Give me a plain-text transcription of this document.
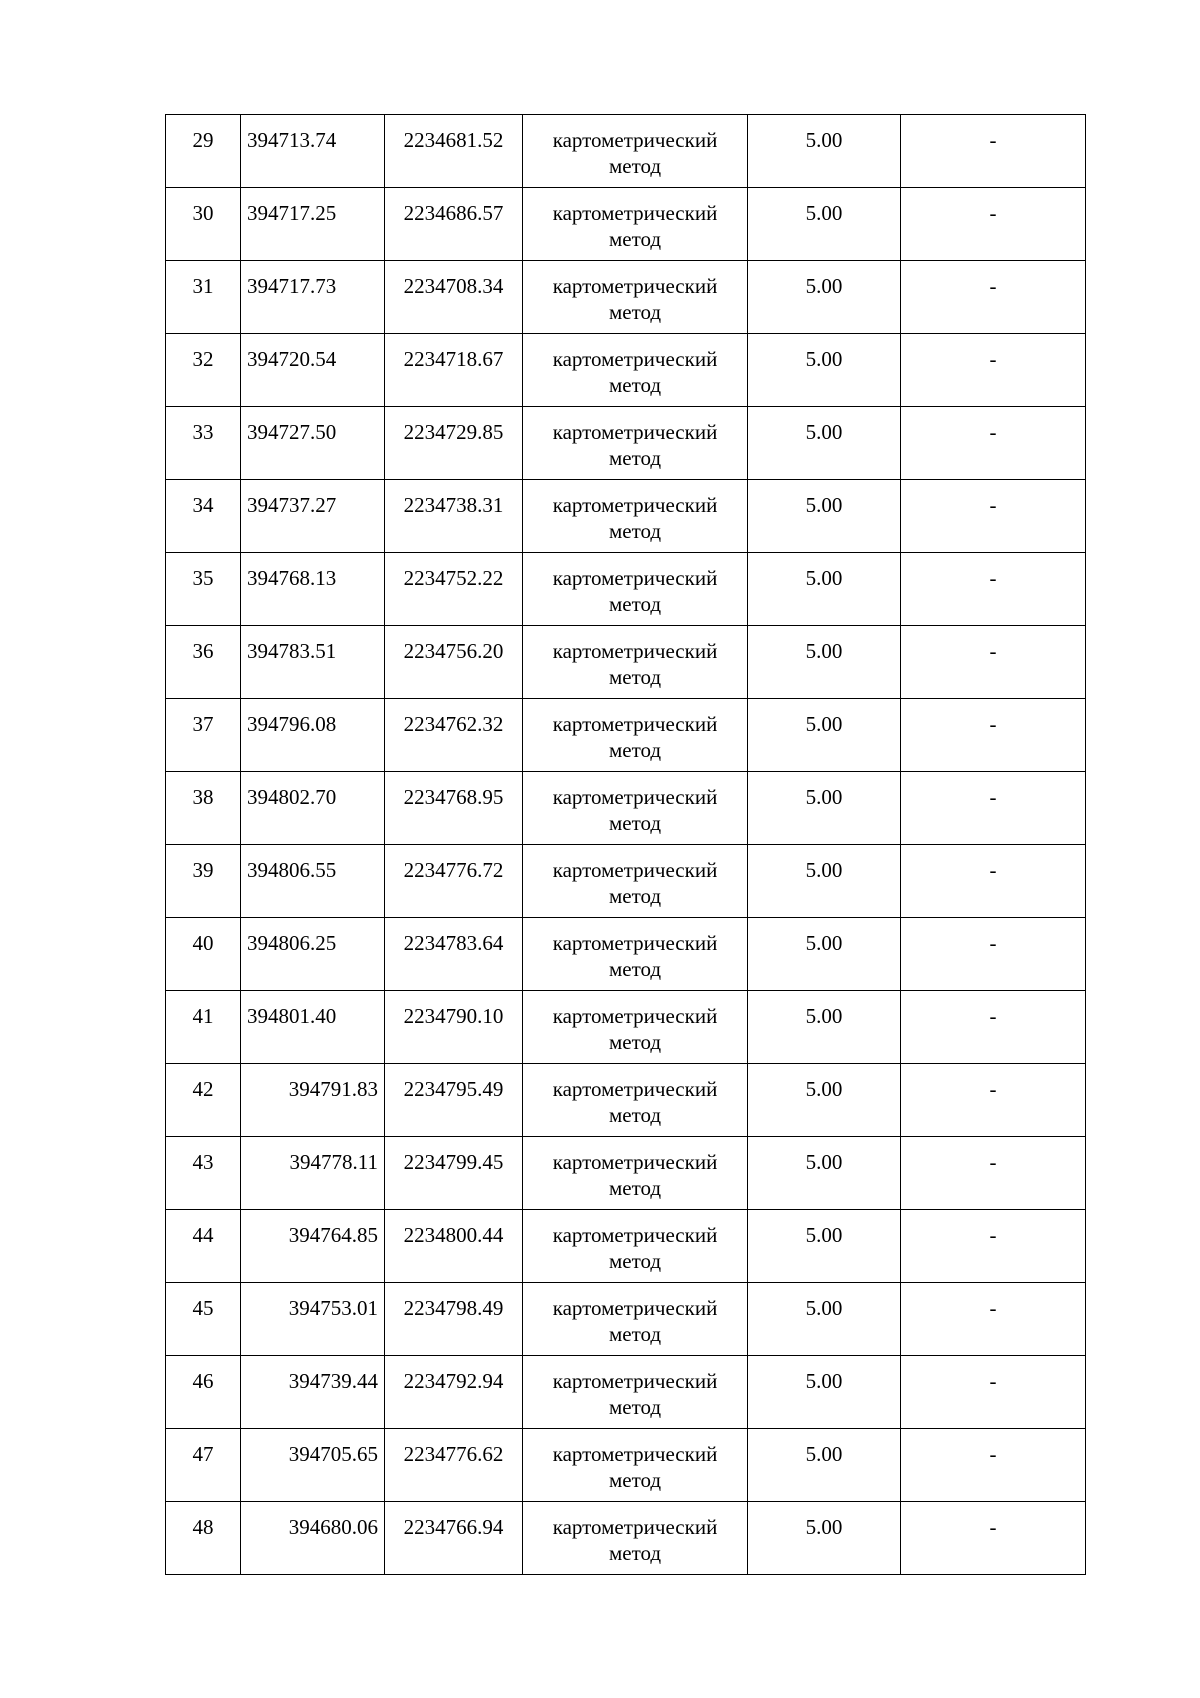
29	394713.74	2234681.52	картометрический
метод	5.00	-

30	394717.25	2234686.57	картометрический
метод	5.00	-

31	394717.73	2234708.34	картометрический
метод	5.00	-

32	394720.54	2234718.67	картометрический
метод	5.00	-

33	394727.50	2234729.85	картометрический
метод	5.00	-

34	394737.27	2234738.31	картометрический
метод	5.00	-

35	394768.13	2234752.22	картометрический
метод	5.00	-

36	394783.51	2234756.20	картометрический
метод	5.00	-

37	394796.08	2234762.32	картометрический
метод	5.00	-

38	394802.70	2234768.95	картометрический
метод	5.00	-

39	394806.55	2234776.72	картометрический
метод	5.00	-

40	394806.25	2234783.64	картометрический
метод	5.00	-

41	394801.40	2234790.10	картометрический
метод	5.00	-

42	394791.83	2234795.49	картометрический
метод	5.00	-

43	394778.11	2234799.45	картометрический
метод	5.00	-

44	394764.85	2234800.44	картометрический
метод	5.00	-

45	394753.01	2234798.49	картометрический
метод	5.00	-

46	394739.44	2234792.94	картометрический
метод	5.00	-

47	394705.65	2234776.62	картометрический
метод	5.00	-

48	394680.06	2234766.94	картометрический
метод	5.00	-
